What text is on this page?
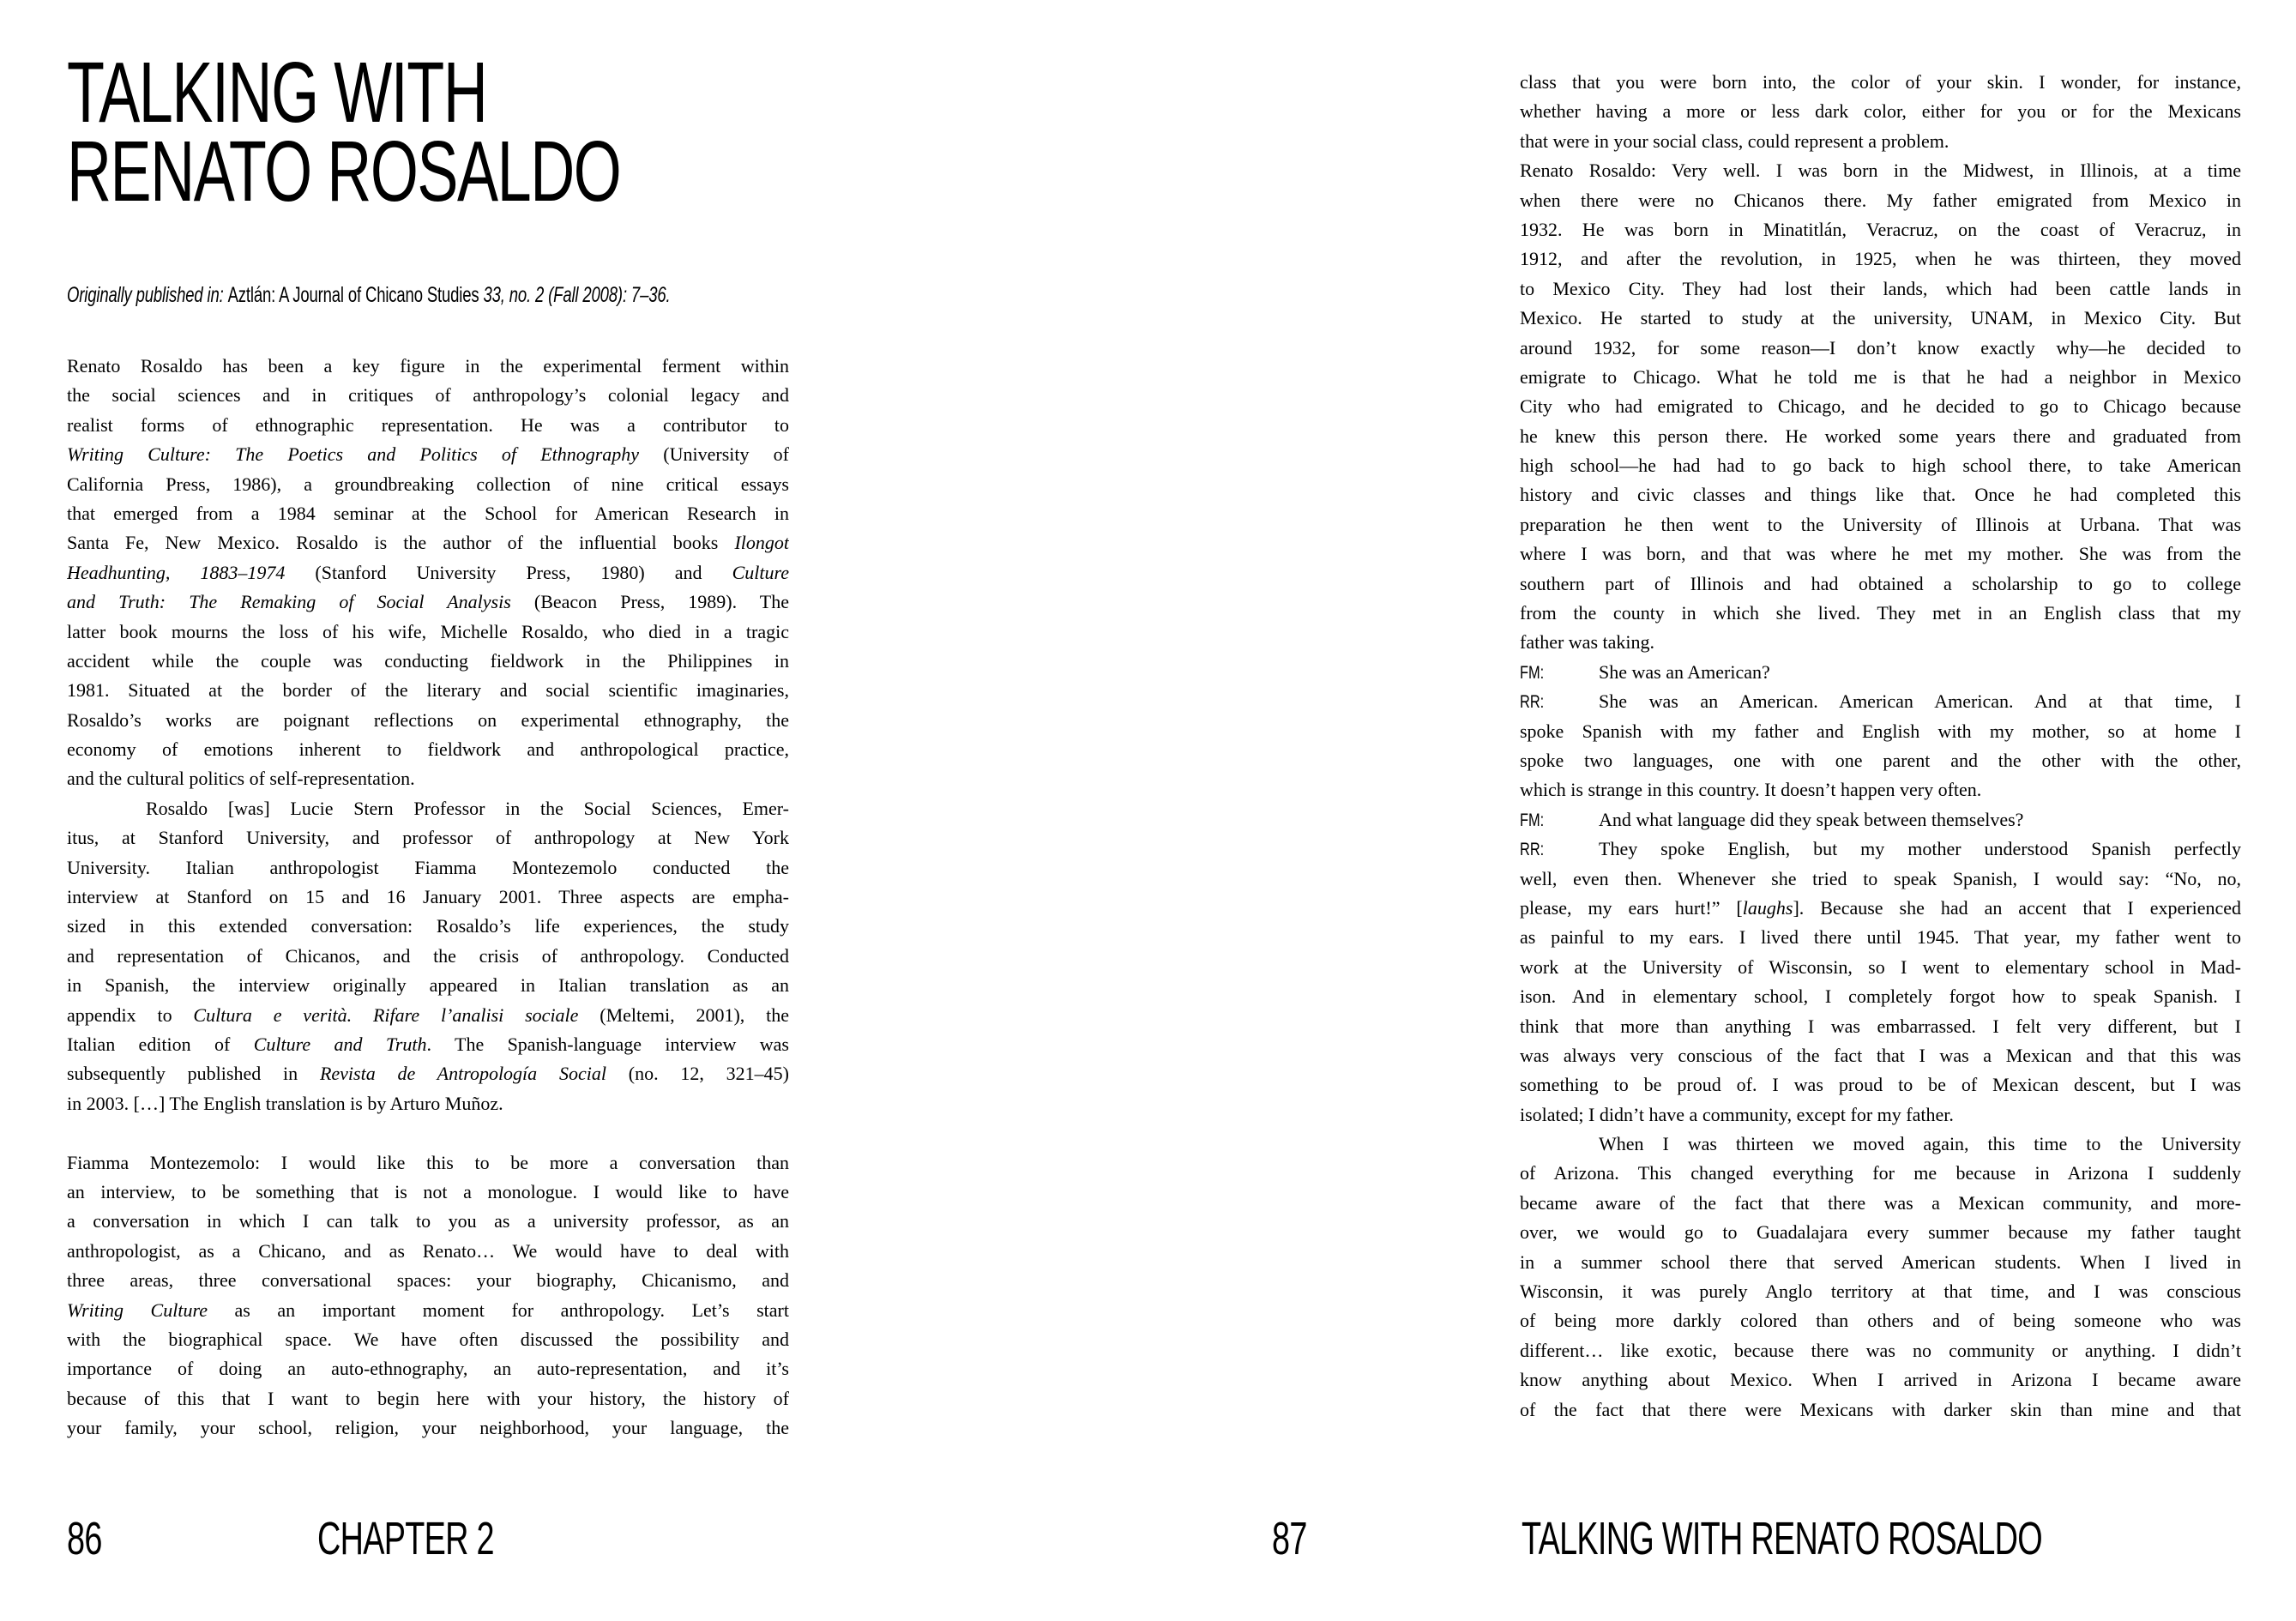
TALKING WITH
RENATO ROSALDO
Originally published in: Aztlán: A Journal of Chicano Studies 33, no. 2 (Fall 2008): 7–36.
Renato Rosaldo has been a key figure in the experimental ferment within
the social sciences and in critiques of anthropology’s colonial legacy and
realist forms of ethnographic representation. He was a contributor to
Writing Culture: The Poetics and Politics of Ethnography (University of
California Press, 1986), a groundbreaking collection of nine critical essays
that emerged from a 1984 seminar at the School for American Research in
Santa Fe, New Mexico. Rosaldo is the author of the influential books Ilongot
Headhunting, 1883–1974 (Stanford University Press, 1980) and Culture
and Truth: The Remaking of Social Analysis (Beacon Press, 1989). The
latter book mourns the loss of his wife, Michelle Rosaldo, who died in a tragic
accident while the couple was conducting fieldwork in the Philippines in
1981. Situated at the border of the literary and social scientific imaginaries,
Rosaldo’s works are poignant reflections on experimental ethnography, the
economy of emotions inherent to fieldwork and anthropological practice,
and the cultural politics of self-representation.
Rosaldo [was] Lucie Stern Professor in the Social Sciences, Emer-
itus, at Stanford University, and professor of anthropology at New York
University. Italian anthropologist Fiamma Montezemolo conducted the
interview at Stanford on 15 and 16 January 2001. Three aspects are empha-
sized in this extended conversation: Rosaldo’s life experiences, the study
and representation of Chicanos, and the crisis of anthropology. Conducted
in Spanish, the interview originally appeared in Italian translation as an
appendix to Cultura e verità. Rifare l’analisi sociale (Meltemi, 2001), the
Italian edition of Culture and Truth. The Spanish-language interview was
subsequently published in Revista de Antropología Social (no. 12, 321–45)
in 2003. […] The English translation is by Arturo Muñoz.
Fiamma Montezemolo: I would like this to be more a conversation than
an interview, to be something that is not a monologue. I would like to have
a conversation in which I can talk to you as a university professor, as an
anthropologist, as a Chicano, and as Renato… We would have to deal with
three areas, three conversational spaces: your biography, Chicanismo, and
Writing Culture as an important moment for anthropology. Let’s start
with the biographical space. We have often discussed the possibility and
importance of doing an auto-ethnography, an auto-representation, and it’s
because of this that I want to begin here with your history, the history of
your family, your school, religion, your neighborhood, your language, the
86	CHAPTER 2
class that you were born into, the color of your skin. I wonder, for instance,
whether having a more or less dark color, either for you or for the Mexicans
that were in your social class, could represent a problem.
Renato Rosaldo: Very well. I was born in the Midwest, in Illinois, at a time
when there were no Chicanos there. My father emigrated from Mexico in
1932. He was born in Minatitlán, Veracruz, on the coast of Veracruz, in
1912, and after the revolution, in 1925, when he was thirteen, they moved
to Mexico City. They had lost their lands, which had been cattle lands in
Mexico. He started to study at the university, UNAM, in Mexico City. But
around 1932, for some reason—I don’t know exactly why—he decided to
emigrate to Chicago. What he told me is that he had a neighbor in Mexico
City who had emigrated to Chicago, and he decided to go to Chicago because
he knew this person there. He worked some years there and graduated from
high school—he had had to go back to high school there, to take American
history and civic classes and things like that. Once he had completed this
preparation he then went to the University of Illinois at Urbana. That was
where I was born, and that was where he met my mother. She was from the
southern part of Illinois and had obtained a scholarship to go to college
from the county in which she lived. They met in an English class that my
father was taking.
FM:	She was an American?
RR:	She was an American. American American. And at that time, I
spoke Spanish with my father and English with my mother, so at home I
spoke two languages, one with one parent and the other with the other,
which is strange in this country. It doesn’t happen very often.
FM:	And what language did they speak between themselves?
RR:	They spoke English, but my mother understood Spanish perfectly
well, even then. Whenever she tried to speak Spanish, I would say: “No, no,
please, my ears hurt!” [laughs]. Because she had an accent that I experienced
as painful to my ears. I lived there until 1945. That year, my father went to
work at the University of Wisconsin, so I went to elementary school in Mad-
ison. And in elementary school, I completely forgot how to speak Spanish. I
think that more than anything I was embarrassed. I felt very different, but I
was always very conscious of the fact that I was a Mexican and that this was
something to be proud of. I was proud to be of Mexican descent, but I was
isolated; I didn’t have a community, except for my father.
When I was thirteen we moved again, this time to the University
of Arizona. This changed everything for me because in Arizona I suddenly
became aware of the fact that there was a Mexican community, and more-
over, we would go to Guadalajara every summer because my father taught
in a summer school there that served American students. When I lived in
Wisconsin, it was purely Anglo territory at that time, and I was conscious
of being more darkly colored than others and of being someone who was
different… like exotic, because there was no community or anything. I didn’t
know anything about Mexico. When I arrived in Arizona I became aware
of the fact that there were Mexicans with darker skin than mine and that
87	TALKING WITH RENATO ROSALDO
